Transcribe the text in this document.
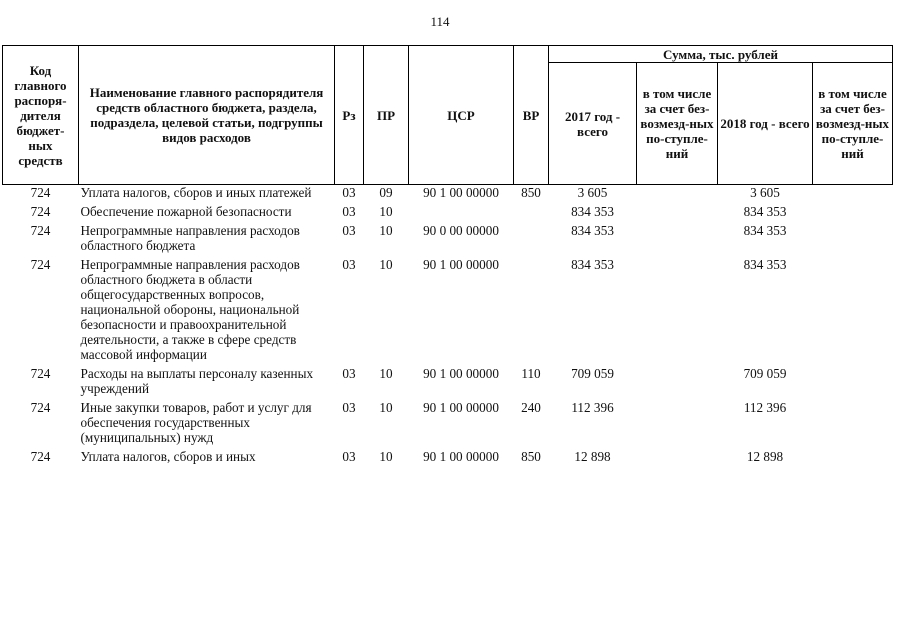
114
Код главного распоря-дителя бюджет-ных средств	Наименование главного распорядителя средств областного бюджета, раздела, подраздела, целевой статьи, подгруппы видов расходов	Рз	ПР	ЦСР	ВР	Сумма, тыс. рублей			
						2017 год - всего	в том числе за счет без-возмезд-ных по-ступле-ний	2018 год - всего	в том числе за счет без-возмезд-ных по-ступле-ний
724	Уплата налогов, сборов и иных платежей	03	09	90 1 00 00000	850	3 605		3 605	
724	Обеспечение пожарной безопасности	03	10			834 353		834 353	
724	Непрограммные направления расходов областного бюджета	03	10	90 0 00 00000		834 353		834 353	
724	Непрограммные направления расходов областного бюджета в области общегосударственных вопросов, национальной обороны, национальной безопасности и правоохранительной деятельности, а также в сфере средств массовой информации	03	10	90 1 00 00000		834 353		834 353	
724	Расходы на выплаты персоналу казенных учреждений	03	10	90 1 00 00000	110	709 059		709 059	
724	Иные закупки товаров, работ и услуг для обеспечения государственных (муниципальных) нужд	03	10	90 1 00 00000	240	112 396		112 396	
724	Уплата налогов, сборов и иных	03	10	90 1 00 00000	850	12 898		12 898	
